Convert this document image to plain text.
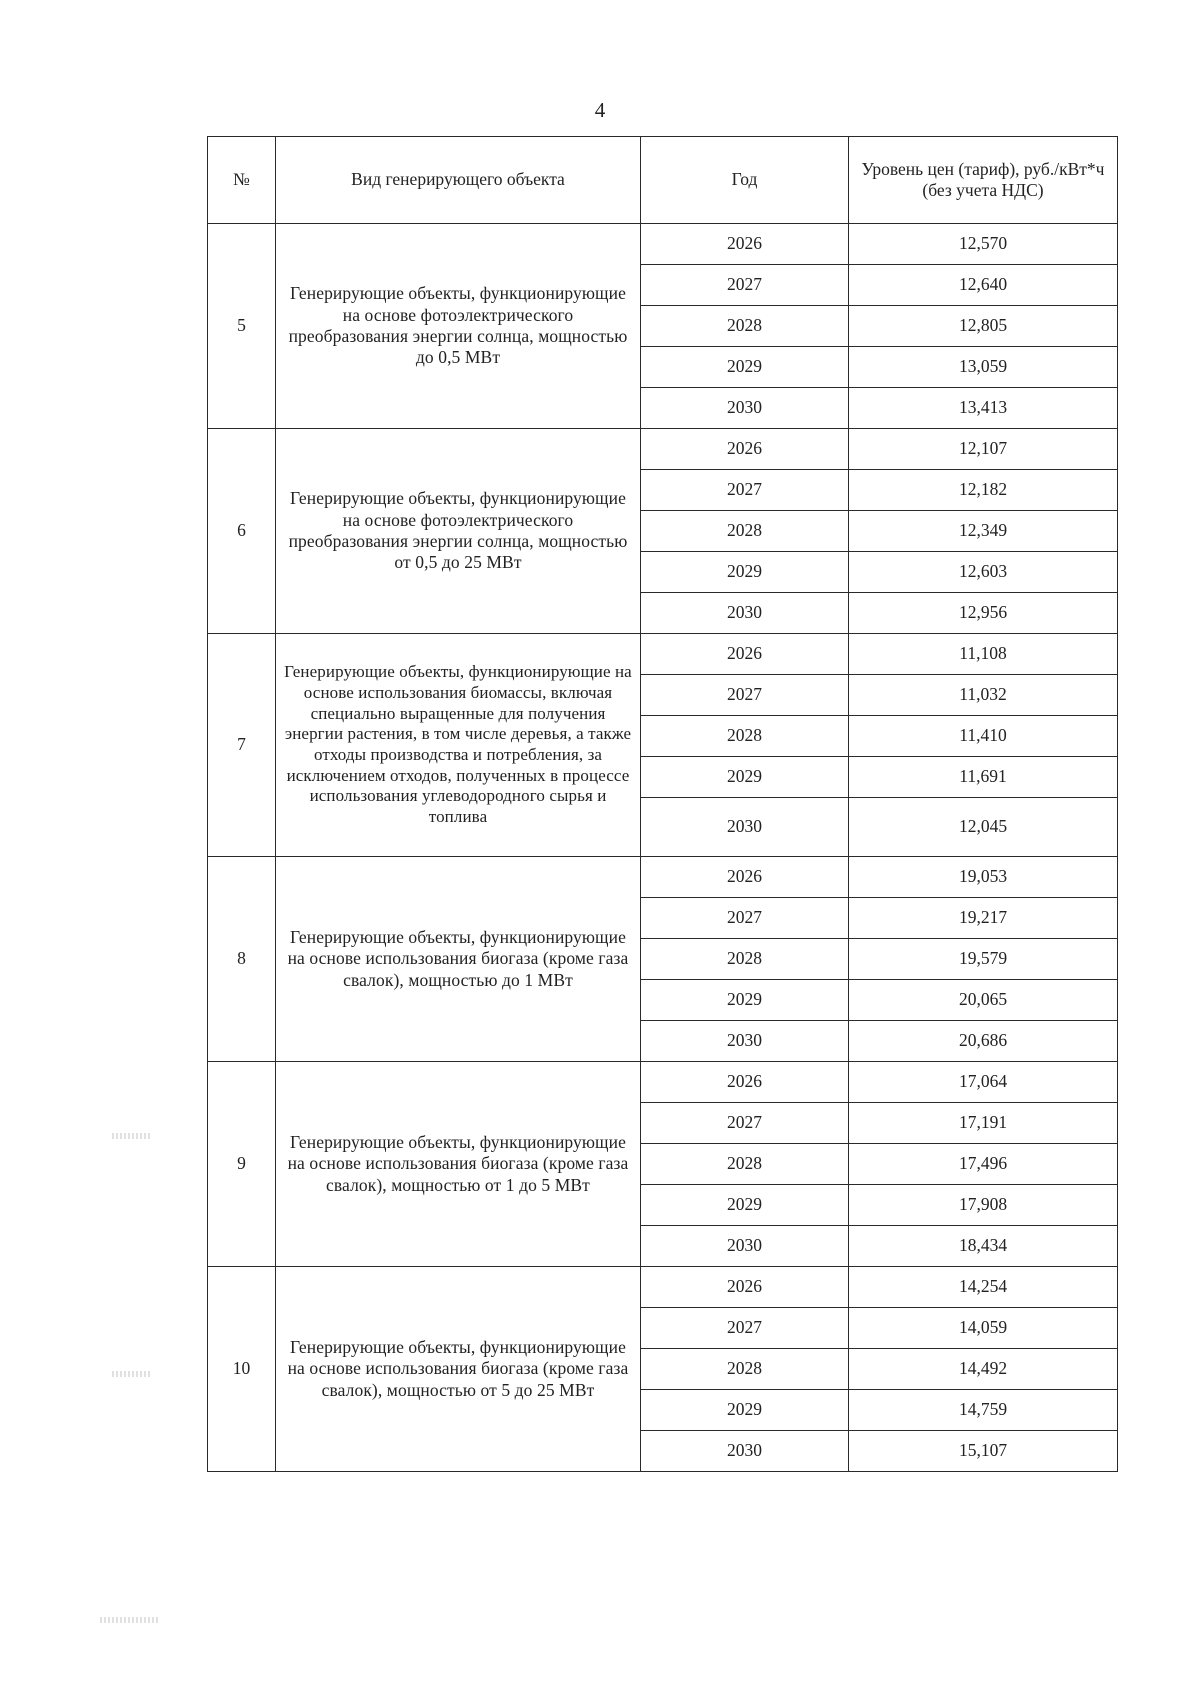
4
№	Вид генерирующего объекта	Год	Уровень цен (тариф), руб./кВт*ч (без учета НДС)

5	Генерирующие объекты, функционирующие на основе фотоэлектрического преобразования энергии солнца, мощностью до 0,5 МВт	2026	12,570
		2027	12,640
		2028	12,805
		2029	13,059
		2030	13,413
6	Генерирующие объекты, функционирующие на основе фотоэлектрического преобразования энергии солнца, мощностью от 0,5 до 25 МВт	2026	12,107
		2027	12,182
		2028	12,349
		2029	12,603
		2030	12,956
7	Генерирующие объекты, функционирующие на основе использования биомассы, включая специально выращенные для получения энергии растения, в том числе деревья, а также отходы производства и потребления, за исключением отходов, полученных в процессе использования углеводородного сырья и топлива	2026	11,108
		2027	11,032
		2028	11,410
		2029	11,691
		2030	12,045
8	Генерирующие объекты, функционирующие на основе использования биогаза (кроме газа свалок), мощностью до 1 МВт	2026	19,053
		2027	19,217
		2028	19,579
		2029	20,065
		2030	20,686
9	Генерирующие объекты, функционирующие на основе использования биогаза (кроме газа свалок), мощностью от 1 до 5 МВт	2026	17,064
		2027	17,191
		2028	17,496
		2029	17,908
		2030	18,434
10	Генерирующие объекты, функционирующие на основе использования биогаза (кроме газа свалок), мощностью от 5 до 25 МВт	2026	14,254
		2027	14,059
		2028	14,492
		2029	14,759
		2030	15,107
